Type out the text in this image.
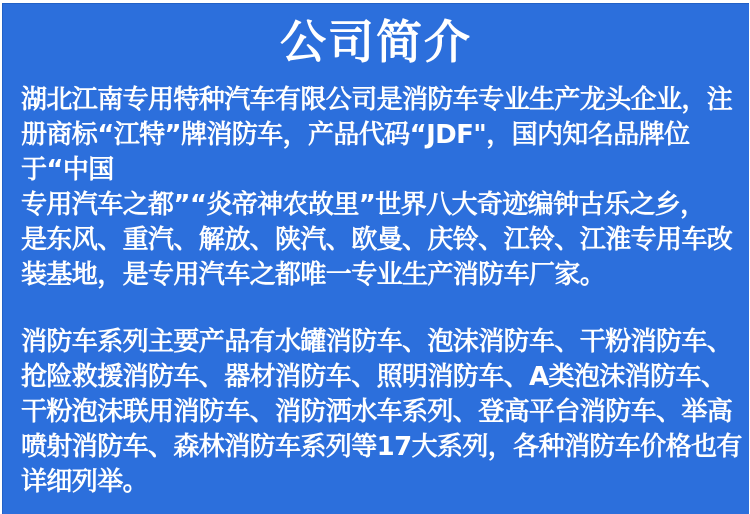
公司简介
湖北江南专用特种汽车有限公司是消防车专业生产龙头企业，注
册商标“江特”牌消防车，产品代码“JDF"，国内知名品牌位
于“中国
专用汽车之都”“炎帝神农故里”世界八大奇迹编钟古乐之乡，
是东风、重汽、解放、陕汽、欧曼、庆铃、江铃、江淮专用车改
装基地，是专用汽车之都唯一专业生产消防车厂家。
消防车系列主要产品有水罐消防车、泡沫消防车、干粉消防车、
抢险救援消防车、器材消防车、照明消防车、A类泡沫消防车、
干粉泡沫联用消防车、消防洒水车系列、登高平台消防车、举高
喷射消防车、森林消防车系列等17大系列，各种消防车价格也有
详细列举。
